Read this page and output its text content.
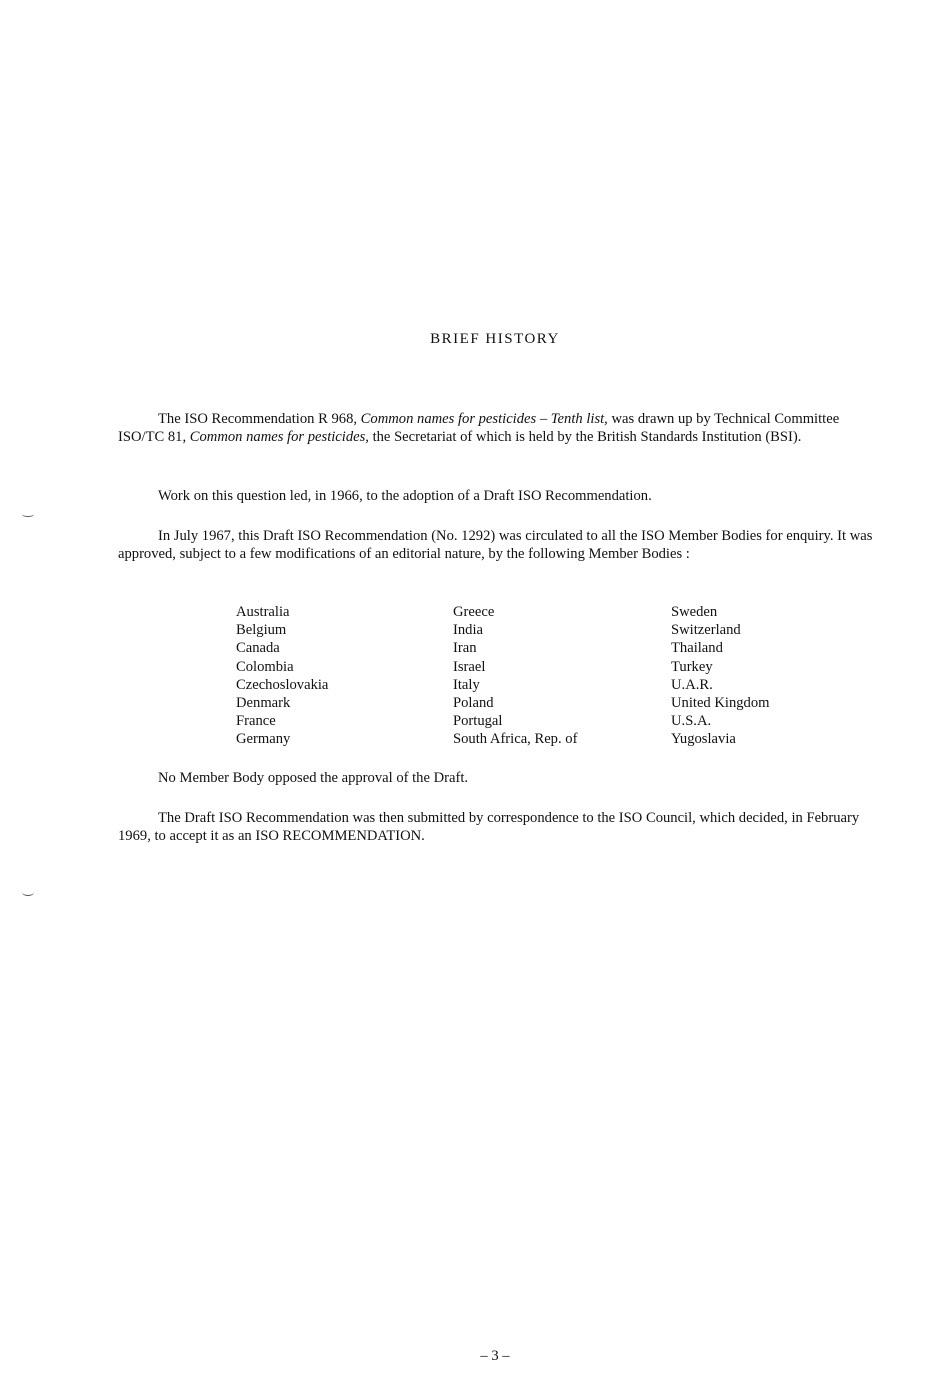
BRIEF HISTORY

The ISO Recommendation R 968, Common names for pesticides – Tenth list, was drawn up by Technical Committee ISO/TC 81, Common names for pesticides, the Secretariat of which is held by the British Standards Institution (BSI).

Work on this question led, in 1966, to the adoption of a Draft ISO Recommendation.

In July 1967, this Draft ISO Recommendation (No. 1292) was circulated to all the ISO Member Bodies for enquiry. It was approved, subject to a few modifications of an editorial nature, by the following Member Bodies :

Australia
Belgium
Canada
Colombia
Czechoslovakia
Denmark
France
Germany
Greece
India
Iran
Israel
Italy
Poland
Portugal
South Africa, Rep. of
Sweden
Switzerland
Thailand
Turkey
U.A.R.
United Kingdom
U.S.A.
Yugoslavia

No Member Body opposed the approval of the Draft.

The Draft ISO Recommendation was then submitted by correspondence to the ISO Council, which decided, in February 1969, to accept it as an ISO RECOMMENDATION.

– 3 –
